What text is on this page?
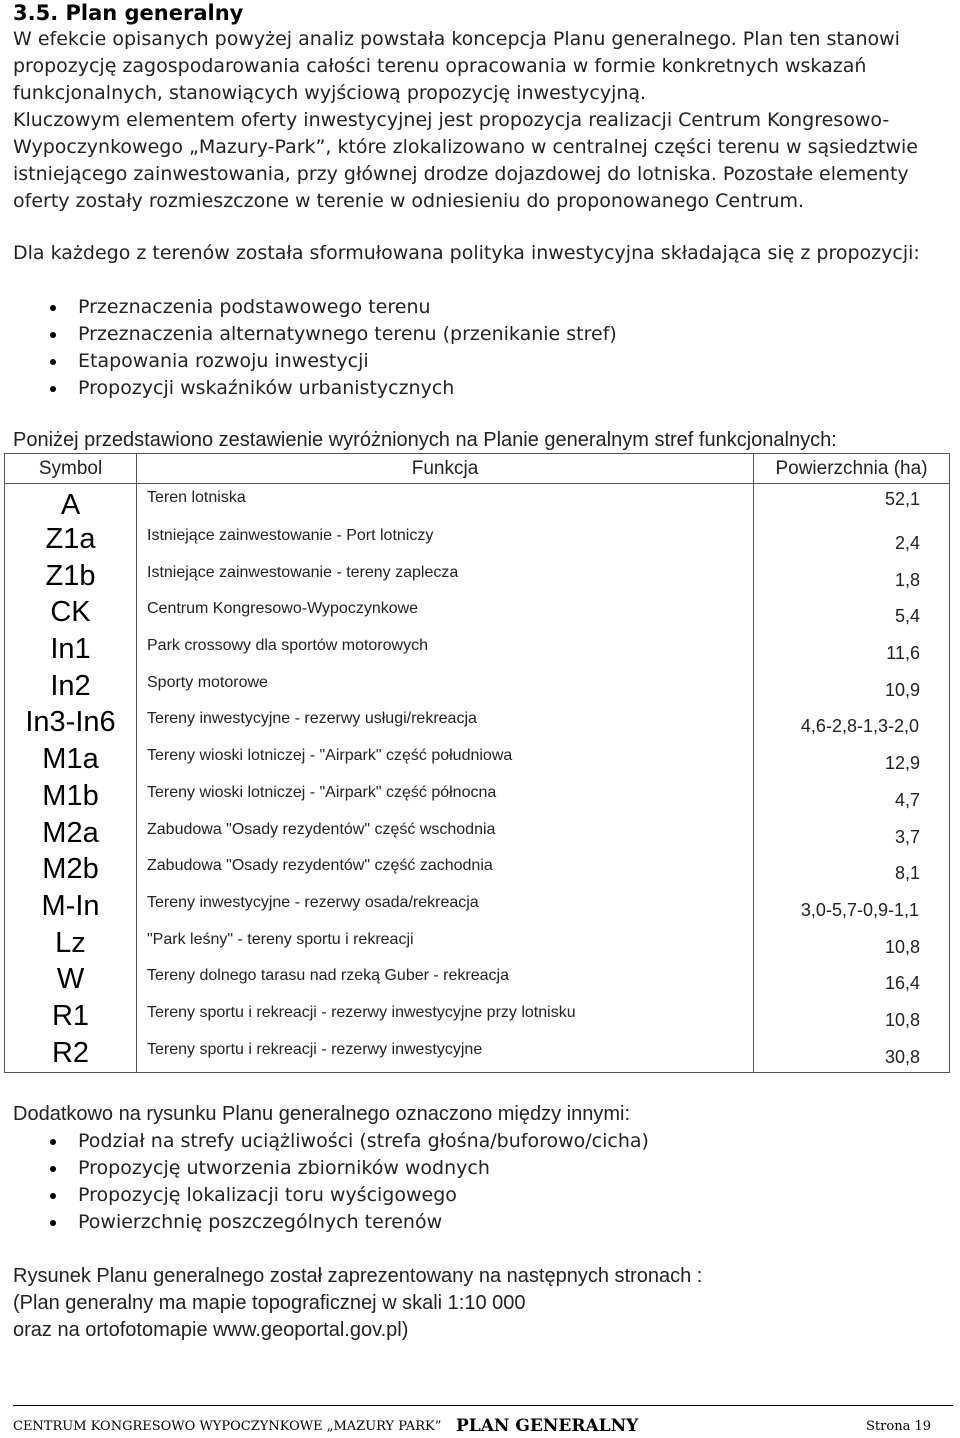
3.5. Plan generalny

W efekcie opisanych powyżej analiz powstała koncepcja Planu generalnego. Plan ten stanowi
propozycję zagospodarowania całości terenu opracowania w formie konkretnych wskazań
funkcjonalnych, stanowiących wyjściową propozycję inwestycyjną.

Kluczowym elementem oferty inwestycyjnej jest propozycja realizacji Centrum Kongresowo-Wypoczynkowego „Mazury-Park”, które zlokalizowano w centralnej części terenu w sąsiedztwie istniejącego zainwestowania, przy głównej drodze dojazdowej do lotniska. Pozostałe elementy oferty zostały rozmieszczone w terenie w odniesieniu do proponowanego Centrum.

Dla każdego z terenów została sformułowana polityka inwestycyjna składająca się z propozycji:

Przeznaczenia podstawowego terenu
Przeznaczenia alternatywnego terenu (przenikanie stref)
Etapowania rozwoju inwestycji
Propozycji wskaźników urbanistycznych

Poniżej przedstawiono zestawienie wyróżnionych na Planie generalnym stref funkcjonalnych:

Symbol	Funkcja	Powierzchnia (ha)
A	Teren lotniska	52,1
Z1a	Istniejące zainwestowanie - Port lotniczy	2,4
Z1b	Istniejące zainwestowanie - tereny zaplecza	1,8
CK	Centrum Kongresowo-Wypoczynkowe	5,4
In1	Park crossowy dla sportów motorowych	11,6
In2	Sporty motorowe	10,9
In3-In6	Tereny inwestycyjne - rezerwy usługi/rekreacja	4,6-2,8-1,3-2,0
M1a	Tereny wioski lotniczej - "Airpark" część południowa	12,9
M1b	Tereny wioski lotniczej - "Airpark" część północna	4,7
M2a	Zabudowa "Osady rezydentów" część wschodnia	3,7
M2b	Zabudowa "Osady rezydentów" część zachodnia	8,1
M-In	Tereny inwestycyjne - rezerwy osada/rekreacja	3,0-5,7-0,9-1,1
Lz	"Park leśny" - tereny sportu i rekreacji	10,8
W	Tereny dolnego tarasu nad rzeką Guber - rekreacja	16,4
R1	Tereny sportu i rekreacji - rezerwy inwestycyjne przy lotnisku	10,8
R2	Tereny sportu i rekreacji - rezerwy inwestycyjne	30,8

Dodatkowo na rysunku Planu generalnego oznaczono między innymi:

Podział na strefy uciążliwości (strefa głośna/buforowo/cicha)
Propozycję utworzenia zbiorników wodnych
Propozycję lokalizacji toru wyścigowego
Powierzchnię poszczególnych terenów

Rysunek Planu generalnego został zaprezentowany na następnych stronach :
(Plan generalny ma mapie topograficznej w skali 1:10 000
oraz na ortofotomapie www.geoportal.gov.pl)

CENTRUM KONGRESOWO WYPOCZYNKOWE „MAZURY PARK” PLAN GENERALNY	Strona 19
